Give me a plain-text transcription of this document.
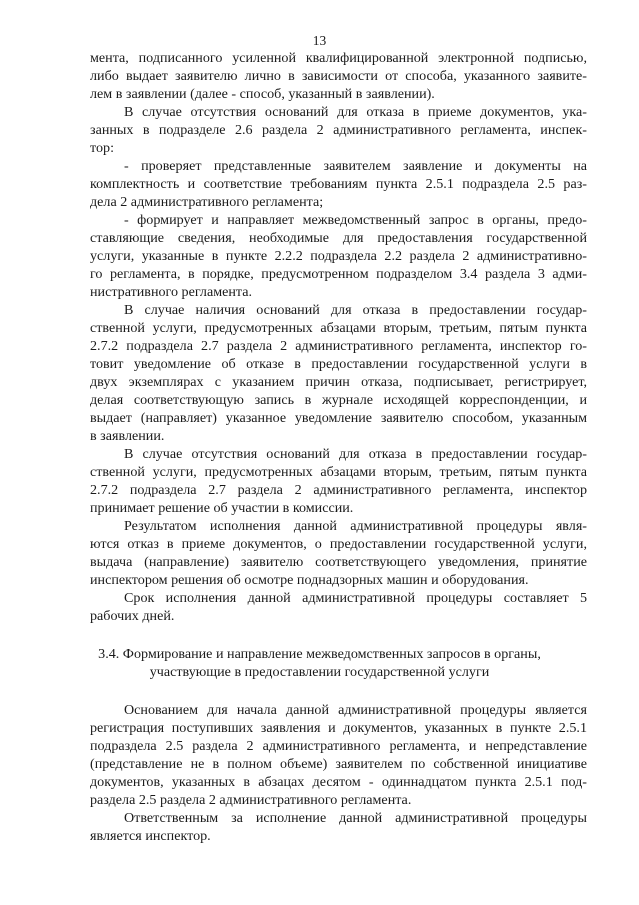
13
мента, подписанного усиленной квалифицированной электронной подписью,
либо выдает заявителю лично в зависимости от способа, указанного заявите-
лем в заявлении (далее - способ, указанный в заявлении).
В случае отсутствия оснований для отказа в приеме документов, ука-
занных в подразделе 2.6 раздела 2 административного регламента, инспек-
тор:
- проверяет представленные заявителем заявление и документы на
комплектность и соответствие требованиям пункта 2.5.1 подраздела 2.5 раз-
дела 2 административного регламента;
- формирует и направляет межведомственный запрос в органы, предо-
ставляющие сведения, необходимые для предоставления государственной
услуги, указанные в пункте 2.2.2 подраздела 2.2 раздела 2 административно-
го регламента, в порядке, предусмотренном подразделом 3.4 раздела 3 адми-
нистративного регламента.
В случае наличия оснований для отказа в предоставлении государ-
ственной услуги, предусмотренных абзацами вторым, третьим, пятым пункта
2.7.2 подраздела 2.7 раздела 2 административного регламента, инспектор го-
товит уведомление об отказе в предоставлении государственной услуги в
двух экземплярах с указанием причин отказа, подписывает, регистрирует,
делая соответствующую запись в журнале исходящей корреспонденции, и
выдает (направляет) указанное уведомление заявителю способом, указанным
в заявлении.
В случае отсутствия оснований для отказа в предоставлении государ-
ственной услуги, предусмотренных абзацами вторым, третьим, пятым пункта
2.7.2 подраздела 2.7 раздела 2 административного регламента, инспектор
принимает решение об участии в комиссии.
Результатом исполнения данной административной процедуры явля-
ются отказ в приеме документов, о предоставлении государственной услуги,
выдача (направление) заявителю соответствующего уведомления, принятие
инспектором решения об осмотре поднадзорных машин и оборудования.
Срок исполнения данной административной процедуры составляет 5
рабочих дней.
3.4. Формирование и направление межведомственных запросов в органы,
участвующие в предоставлении государственной услуги
Основанием для начала данной административной процедуры является
регистрация поступивших заявления и документов, указанных в пункте 2.5.1
подраздела 2.5 раздела 2 административного регламента, и непредставление
(представление не в полном объеме) заявителем по собственной инициативе
документов, указанных в абзацах десятом - одиннадцатом пункта 2.5.1 под-
раздела 2.5 раздела 2 административного регламента.
Ответственным за исполнение данной административной процедуры
является инспектор.
